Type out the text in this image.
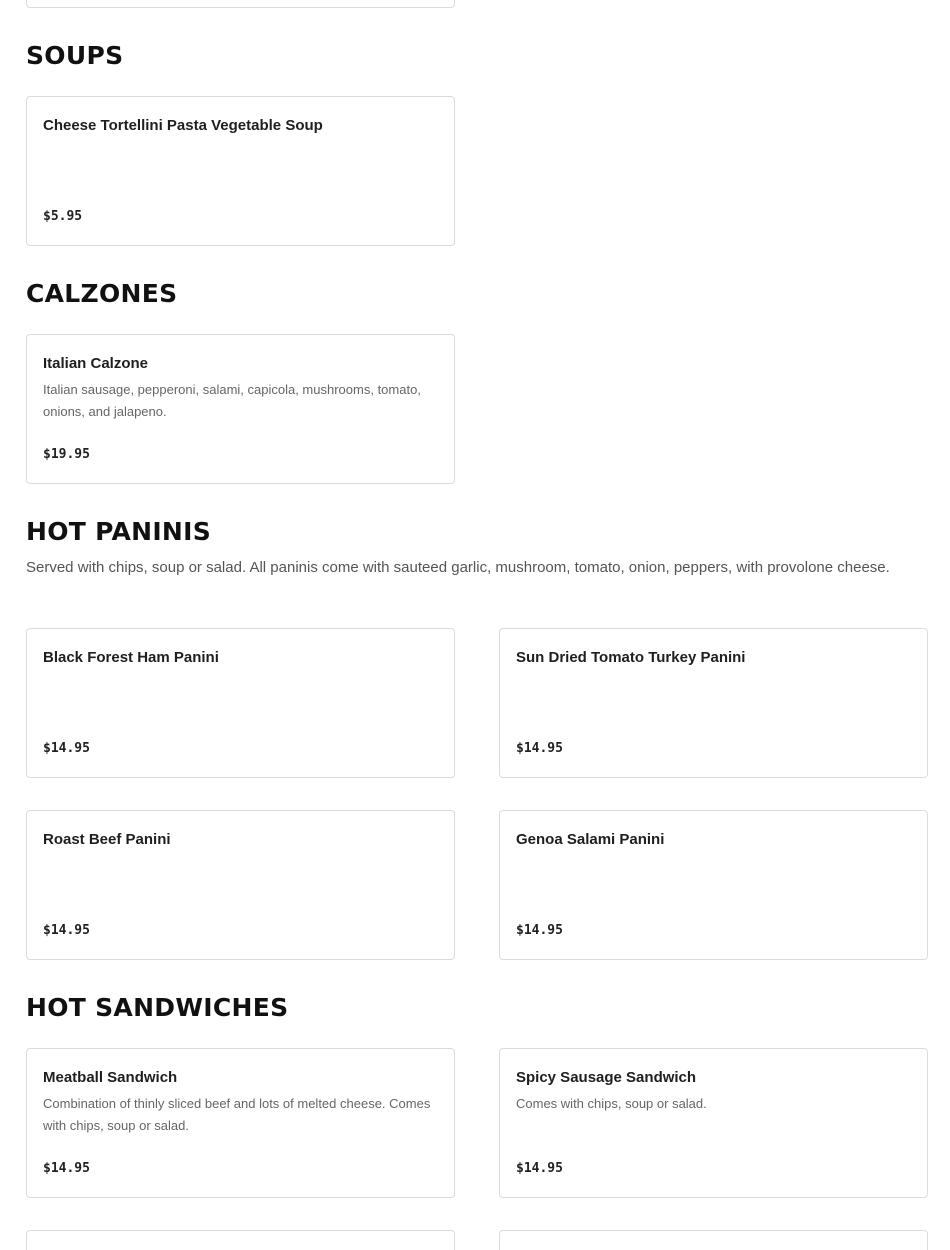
SOUPS
Cheese Tortellini Pasta Vegetable Soup
$5.95
CALZONES
Italian Calzone
Italian sausage, pepperoni, salami, capicola, mushrooms, tomato, onions, and jalapeno.
$19.95
HOT PANINIS

Served with chips, soup or salad. All paninis come with sauteed garlic, mushroom, tomato, onion, peppers, with provolone cheese.

Black Forest Ham Panini
$14.95
Sun Dried Tomato Turkey Panini
$14.95
Roast Beef Panini
$14.95
Genoa Salami Panini
$14.95
HOT SANDWICHES
Meatball Sandwich
Combination of thinly sliced beef and lots of melted cheese. Comes with chips, soup or salad.
$14.95
Spicy Sausage Sandwich
Comes with chips, soup or salad.
$14.95
